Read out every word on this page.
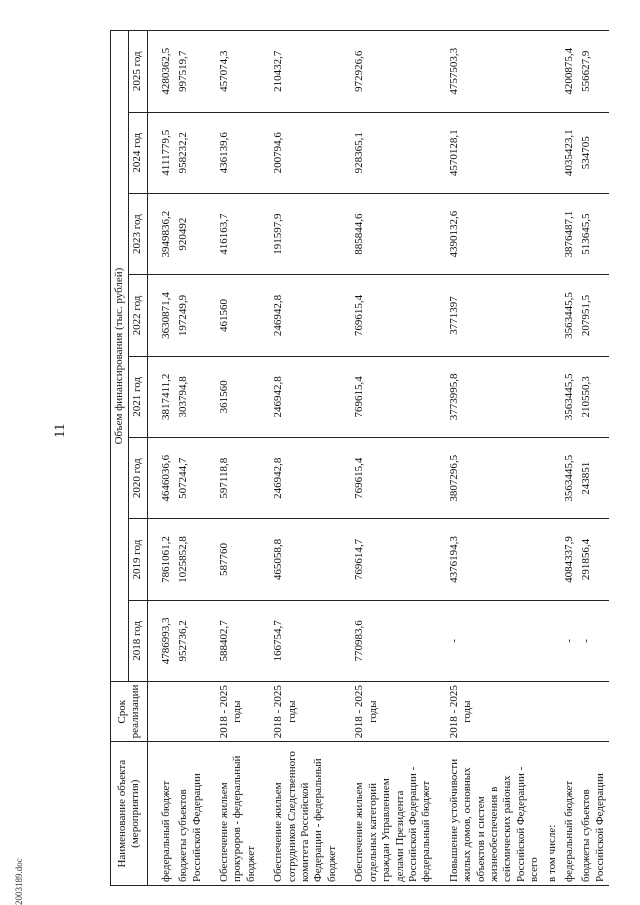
11
2003189.doc
Наименование объекта (мероприятия)	Срок реализации	Объем финансирования (тыс. рублей)							
		2018 год	2019 год	2020 год	2021 год	2022 год	2023 год	2024 год	2025 год

федеральный бюджет		4786993,3	7861061,2	4646036,6	3817411,2	3630871,4	3949836,2	4111779,5	4280362,5
бюджеты субъектов Российской Федерации		952736,2	1025852,8	507244,7	303794,8	197249,9	920492	958232,2	997519,7

Обеспечение жильем прокуроров - федеральный бюджет	2018 - 2025 годы	588402,7	587760	597118,8	361560	461560	416163,7	436139,6	457074,3

Обеспечение жильем сотрудников Следственного комитета Российской Федерации - федеральный бюджет	2018 - 2025 годы	166754,7	465058,8	246942,8	246942,8	246942,8	191597,9	200794,6	210432,7

Обеспечение жильем отдельных категорий граждан Управлением делами Президента Российской Федерации - федеральный бюджет	2018 - 2025 годы	770983,6	769614,7	769615,4	769615,4	769615,4	885844,6	928365,1	972926,6

Повышение устойчивости жилых домов, основных объектов и систем жизнеобеспечения в сейсмических районах Российской Федерации - всего	2018 - 2025 годы	-	4376194,3	3807296,5	3773995,8	3771397	4390132,6	4570128,1	4757503,3
в том числе:									
федеральный бюджет		-	4084337,9	3563445,5	3563445,5	3563445,5	3876487,1	4035423,1	4200875,4
бюджеты субъектов Российской Федерации		-	291856,4	243851	210550,3	207951,5	513645,5	534705	556627,9
